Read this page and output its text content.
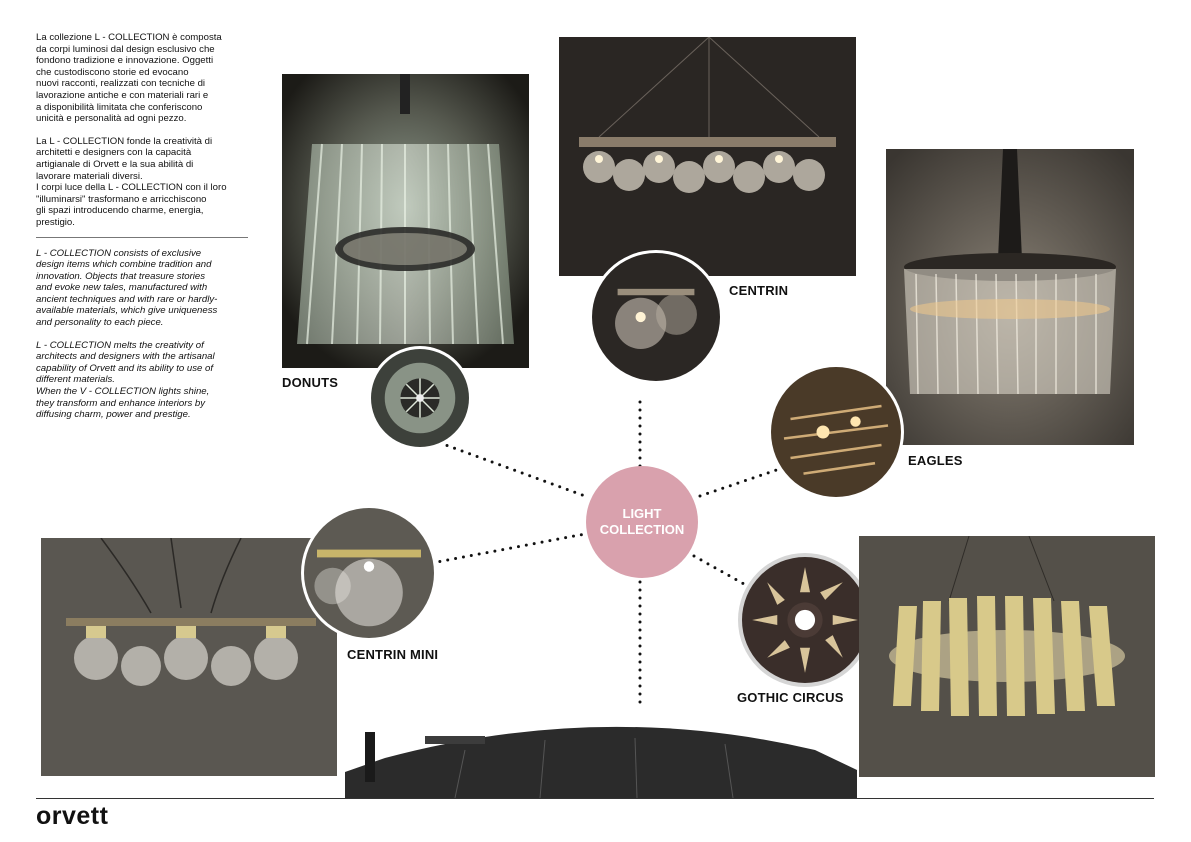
La collezione L - COLLECTION è composta
da corpi luminosi dal design esclusivo che
fondono tradizione e innovazione. Oggetti
che custodiscono storie ed evocano
nuovi racconti, realizzati con tecniche di
lavorazione antiche e con materiali rari e
a disponibilità limitata che conferiscono
unicità e personalità ad ogni pezzo.

La L - COLLECTION fonde la creatività di
architetti e designers con la capacità
artigianale di Orvett e la sua abilità di
lavorare materiali diversi.
I corpi luce della L - COLLECTION con il loro
"illuminarsi" trasformano e arricchiscono
gli spazi introducendo charme, energia,
prestigio.

L - COLLECTION consists of exclusive
design items which combine tradition and
innovation. Objects that treasure stories
and evoke new tales, manufactured with
ancient techniques and with rare or hardly-
available materials, which give uniqueness
and personality to each piece.

L - COLLECTION melts the creativity of
architects and designers with the artisanal
capability of Orvett and its ability to use of
different materials.
When the V - COLLECTION lights shine,
they transform and enhance interiors by
diffusing charm, power and prestige.

DONUTS
CENTRIN
EAGLES
CENTRIN MINI
LIGHT
COLLECTION
GOTHIC CIRCUS
orvett
